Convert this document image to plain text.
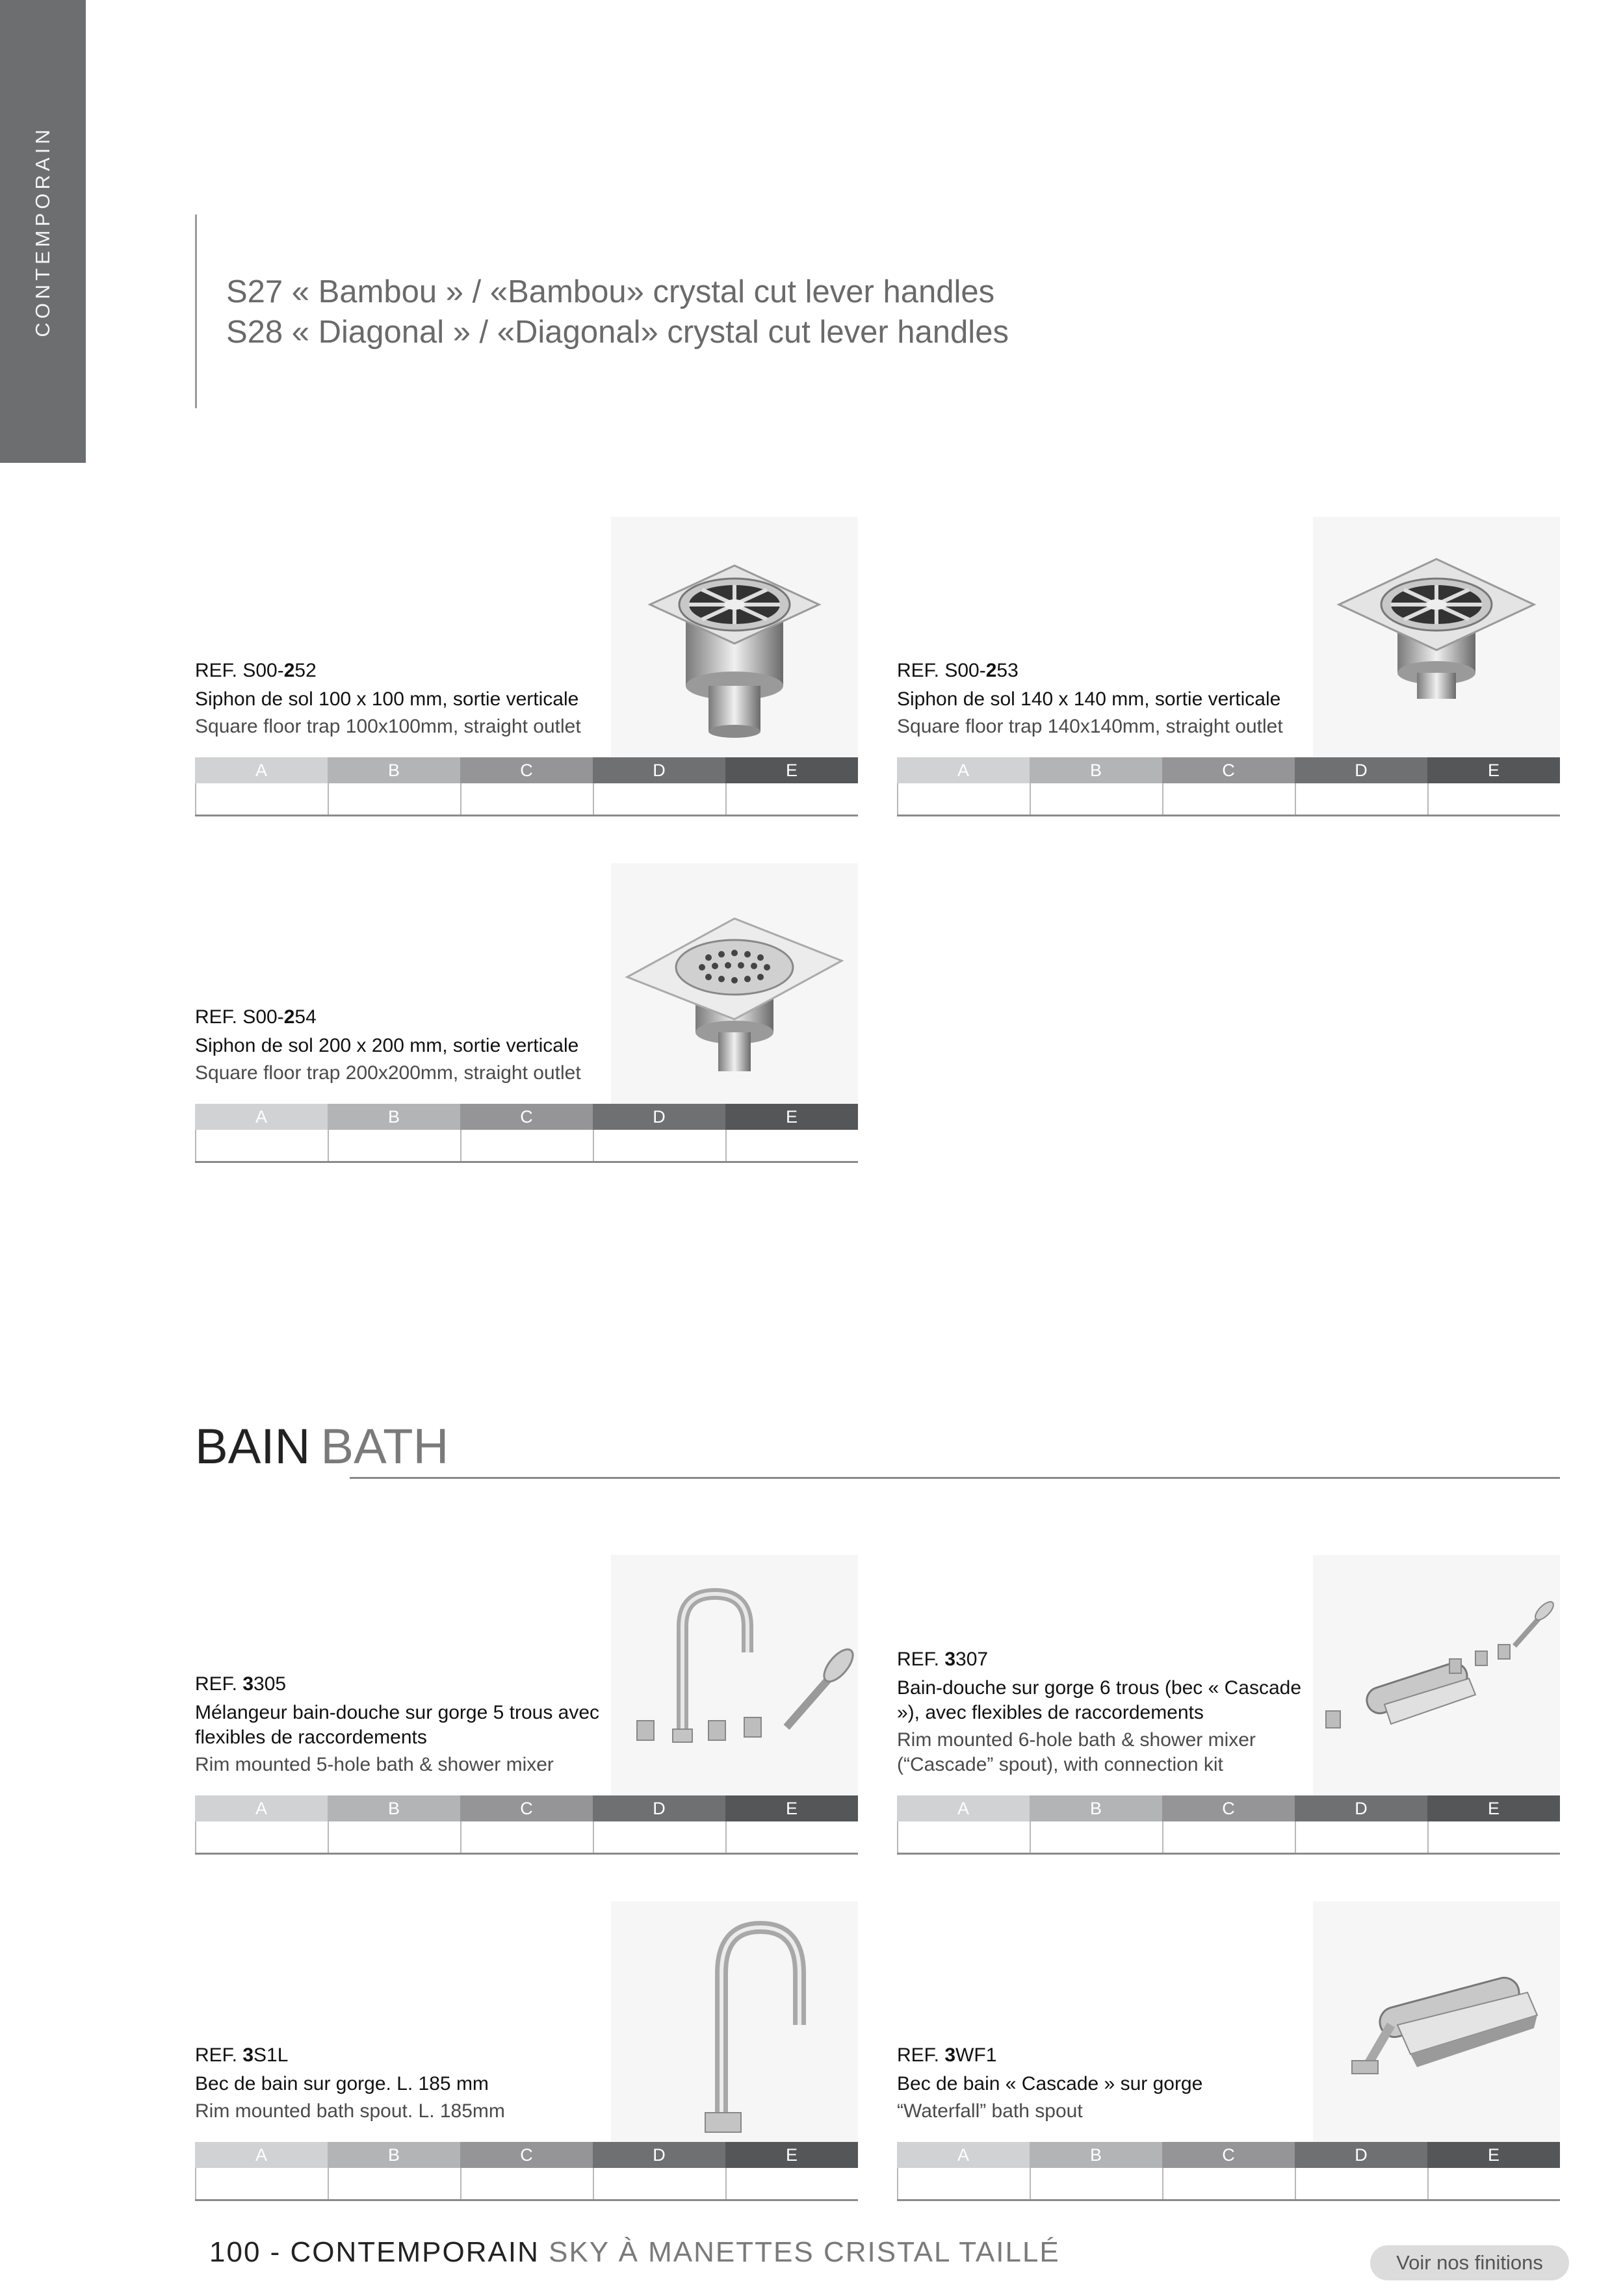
CONTEMPORAIN	S27 « Bambou » / «Bambou» crystal cut lever handles
S28 « Diagonal » / «Diagonal» crystal cut lever handles
REF. S00-252
Siphon de sol 100 x 100 mm, sortie verticale
Square floor trap 100x100mm, straight outlet
A	B	C	D	E
REF. S00-253
Siphon de sol 140 x 140 mm, sortie verticale
Square floor trap 140x140mm, straight outlet
A	B	C	D	E
REF. S00-254
Siphon de sol 200 x 200 mm, sortie verticale
Square floor trap 200x200mm, straight outlet
A	B	C	D	E
BAIN BATH
REF. 3305
Mélangeur bain-douche sur gorge 5 trous avec flexibles de raccordements
Rim mounted 5-hole bath & shower mixer
A	B	C	D	E
REF. 3307
Bain-douche sur gorge 6 trous (bec « Cascade »), avec flexibles de raccordements
Rim mounted 6-hole bath & shower mixer (“Cascade” spout), with connection kit
A	B	C	D	E
REF. 3S1L
Bec de bain sur gorge. L. 185 mm
Rim mounted bath spout. L. 185mm
A	B	C	D	E
REF. 3WF1
Bec de bain « Cascade » sur gorge
“Waterfall” bath spout
A	B	C	D	E
100 - CONTEMPORAIN SKY À MANETTES CRISTAL TAILLÉ	Voir nos finitions
